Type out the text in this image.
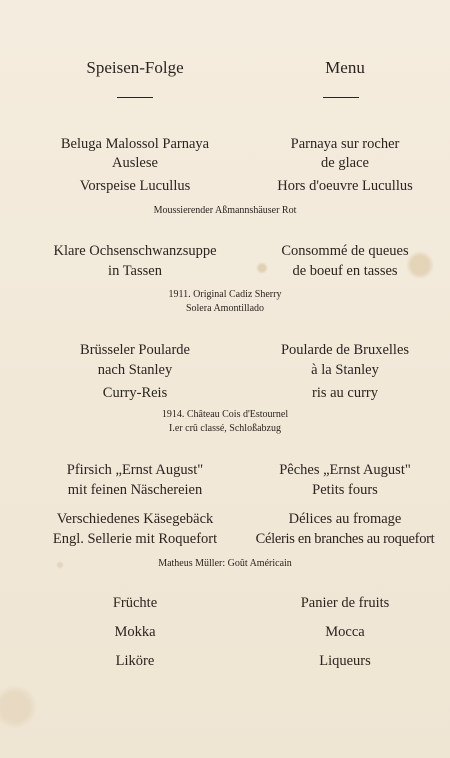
Speisen-Folge	Menu
Beluga Malossol Parnaya
Auslese
Vorspeise Lucullus
Parnaya sur rocher
de glace
Hors d'oeuvre Lucullus
Moussierender Aßmannshäuser Rot
Klare Ochsenschwanzsuppe
in Tassen
Consommé de queues
de boeuf en tasses
1911. Original Cadiz Sherry
Solera Amontillado
Brüsseler Poularde
nach Stanley
Curry-Reis
Poularde de Bruxelles
à la Stanley
ris au curry
1914. Château Cois d'Estournel
I.er crû classé, Schloßabzug
Pfirsich „Ernst August"
mit feinen Näschereien
Verschiedenes Käsegebäck
Engl. Sellerie mit Roquefort
Pêches „Ernst August"
Petits fours
Délices au fromage
Céleris en branches au roquefort
Matheus Müller: Goût Américain
Früchte
Mokka
Liköre
Panier de fruits
Mocca
Liqueurs
